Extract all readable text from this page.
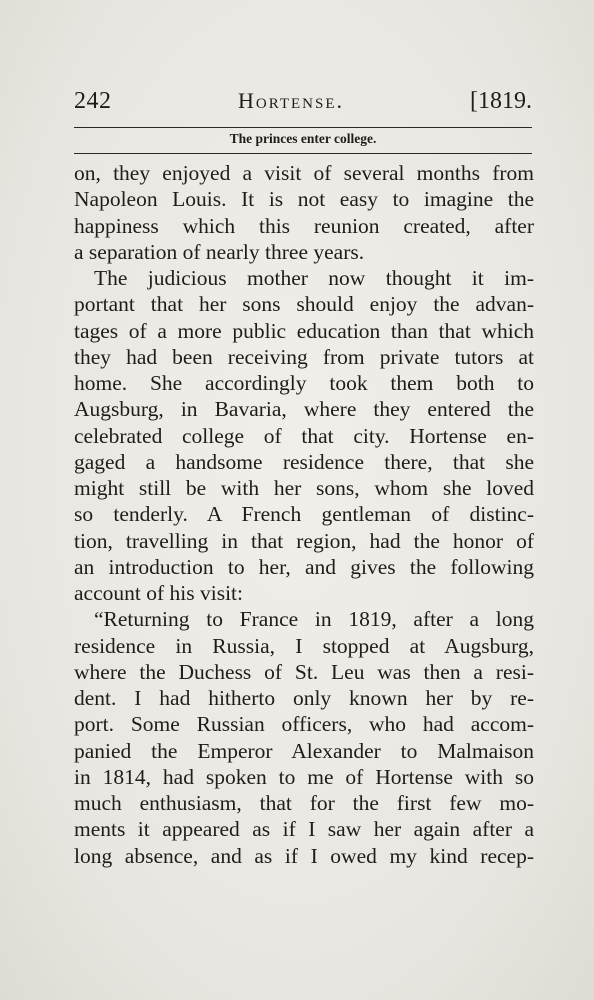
242	Hortense.	[1819.
The princes enter college.
on, they enjoyed a visit of several months from
Napoleon Louis. It is not easy to imagine the
happiness which this reunion created, after
a separation of nearly three years.
The judicious mother now thought it im-
portant that her sons should enjoy the advan-
tages of a more public education than that which
they had been receiving from private tutors at
home. She accordingly took them both to
Augsburg, in Bavaria, where they entered the
celebrated college of that city. Hortense en-
gaged a handsome residence there, that she
might still be with her sons, whom she loved
so tenderly. A French gentleman of distinc-
tion, travelling in that region, had the honor of
an introduction to her, and gives the following
account of his visit:
“Returning to France in 1819, after a long
residence in Russia, I stopped at Augsburg,
where the Duchess of St. Leu was then a resi-
dent. I had hitherto only known her by re-
port. Some Russian officers, who had accom-
panied the Emperor Alexander to Malmaison
in 1814, had spoken to me of Hortense with so
much enthusiasm, that for the first few mo-
ments it appeared as if I saw her again after a
long absence, and as if I owed my kind recep-
